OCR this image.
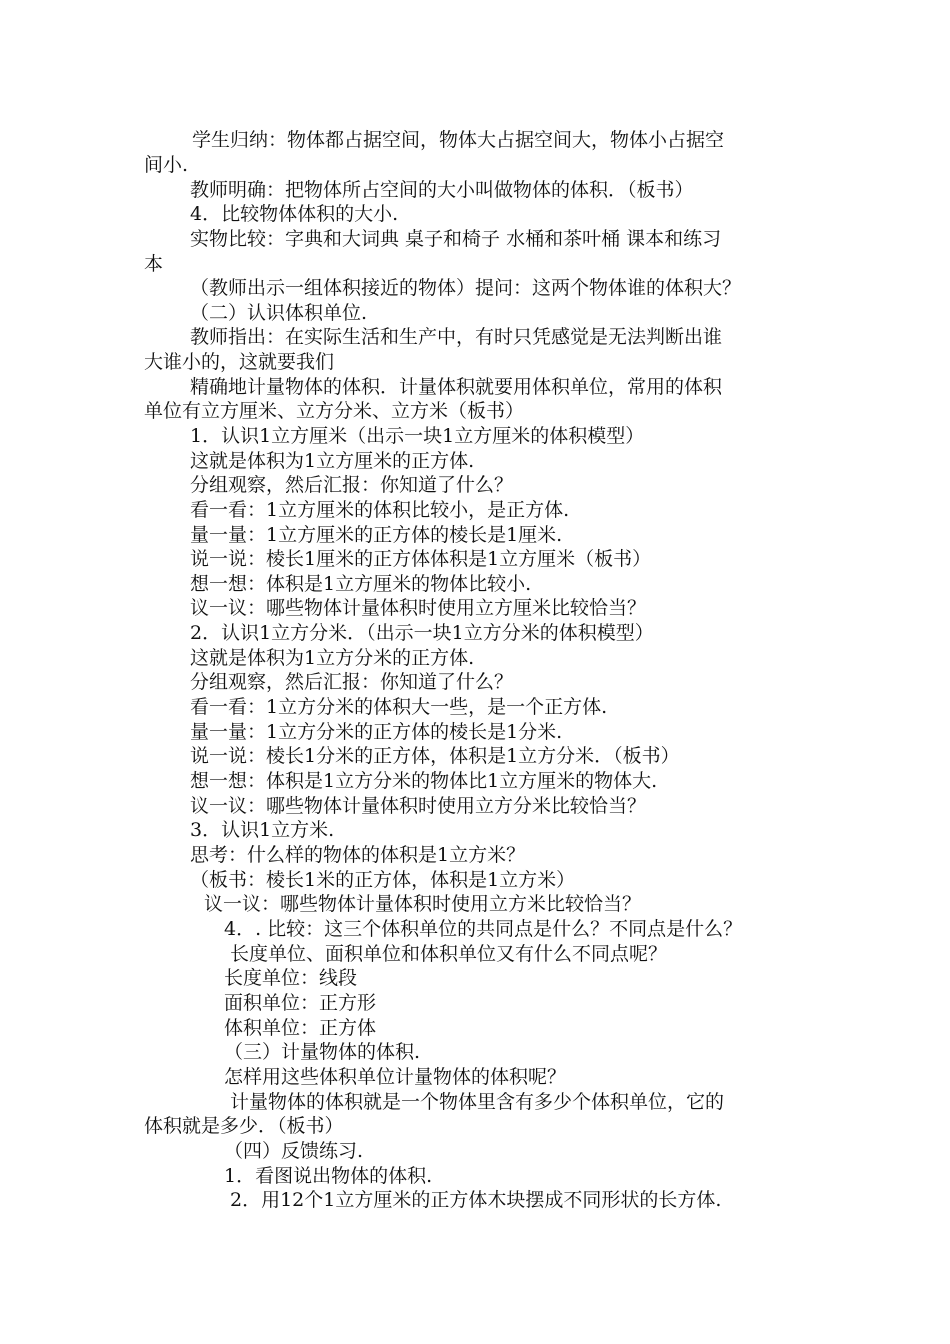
学生归纳：物体都占据空间，物体大占据空间大，物体小占据空
间小.
教师明确：把物体所占空间的大小叫做物体的体积．（板书）
4．比较物体体积的大小.
实物比较：字典和大词典 桌子和椅子 水桶和茶叶桶 课本和练习
本
（教师出示一组体积接近的物体）提问：这两个物体谁的体积大？
（二）认识体积单位.
教师指出：在实际生活和生产中，有时只凭感觉是无法判断出谁
大谁小的，这就要我们
精确地计量物体的体积．计量体积就要用体积单位，常用的体积
单位有立方厘米、立方分米、立方米（板书）
1．认识1立方厘米（出示一块1立方厘米的体积模型）
这就是体积为1立方厘米的正方体.
分组观察，然后汇报：你知道了什么？
看一看：1立方厘米的体积比较小，是正方体.
量一量：1立方厘米的正方体的棱长是1厘米.
说一说：棱长1厘米的正方体体积是1立方厘米（板书）
想一想：体积是1立方厘米的物体比较小.
议一议：哪些物体计量体积时使用立方厘米比较恰当？
2．认识1立方分米．（出示一块1立方分米的体积模型）
这就是体积为1立方分米的正方体.
分组观察，然后汇报：你知道了什么？
看一看：1立方分米的体积大一些，是一个正方体.
量一量：1立方分米的正方体的棱长是1分米.
说一说：棱长1分米的正方体，体积是1立方分米．（板书）
想一想：体积是1立方分米的物体比1立方厘米的物体大.
议一议：哪些物体计量体积时使用立方分米比较恰当？
3．认识1立方米.
思考：什么样的物体的体积是1立方米？
（板书：棱长1米的正方体，体积是1立方米）
议一议：哪些物体计量体积时使用立方米比较恰当？
4．. 比较：这三个体积单位的共同点是什么？不同点是什么？
长度单位、面积单位和体积单位又有什么不同点呢？
长度单位：线段
面积单位：正方形
体积单位：正方体
（三）计量物体的体积.
怎样用这些体积单位计量物体的体积呢？
计量物体的体积就是一个物体里含有多少个体积单位，它的
体积就是多少．（板书）
（四）反馈练习.
1．看图说出物体的体积.
2．用12个1立方厘米的正方体木块摆成不同形状的长方体.
